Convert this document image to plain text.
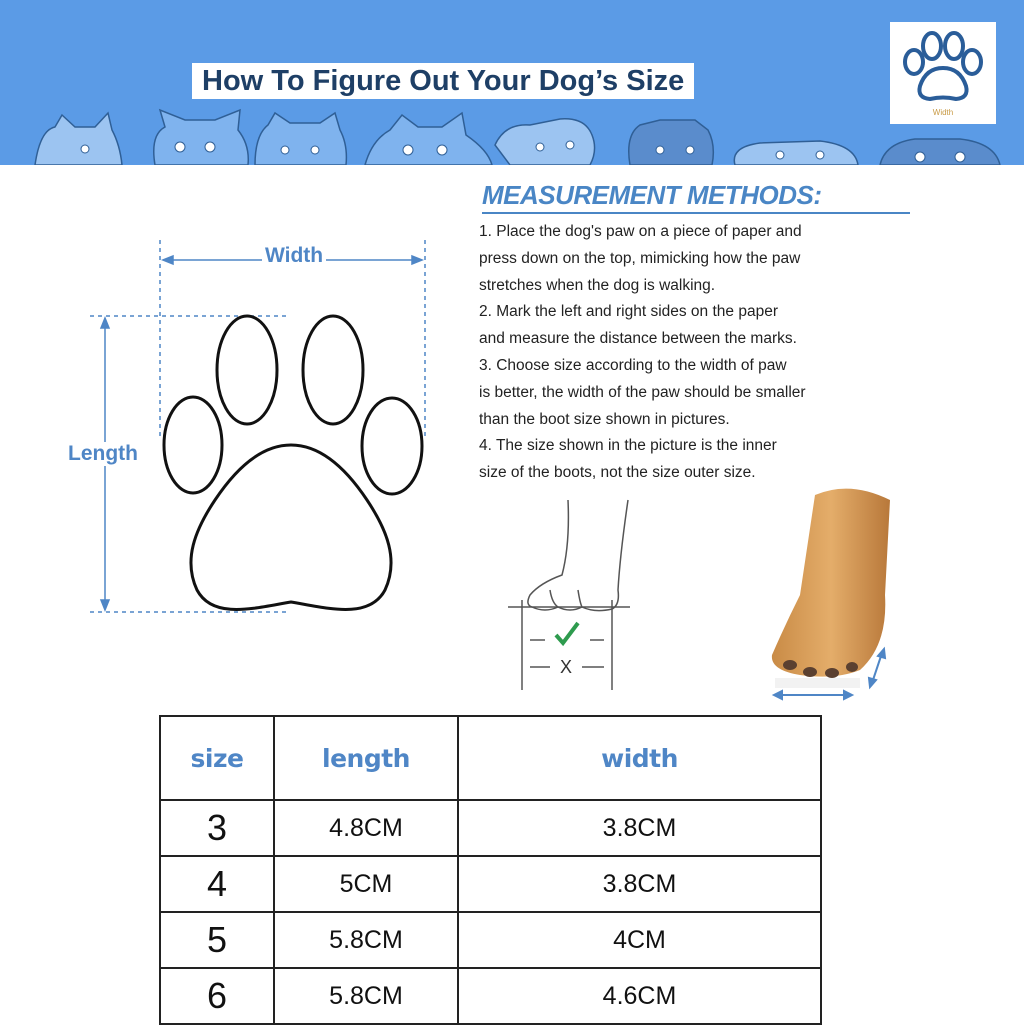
How To Figure Out Your Dog’s Size
Width
Width
Length
MEASUREMENT METHODS:
1. Place the dog's paw on a piece of paper and
press down on the top, mimicking how the paw
stretches when the dog is walking.
2. Mark the left and right sides on the paper
and measure the distance between the marks.
3. Choose size according to the width of paw
is better, the width of the paw should be smaller
than the boot size shown in pictures.
4. The size shown in the picture is the inner
size of the boots, not the size outer size.
X
size	length	width
3	4.8CM	3.8CM
4	5CM	3.8CM
5	5.8CM	4CM
6	5.8CM	4.6CM
